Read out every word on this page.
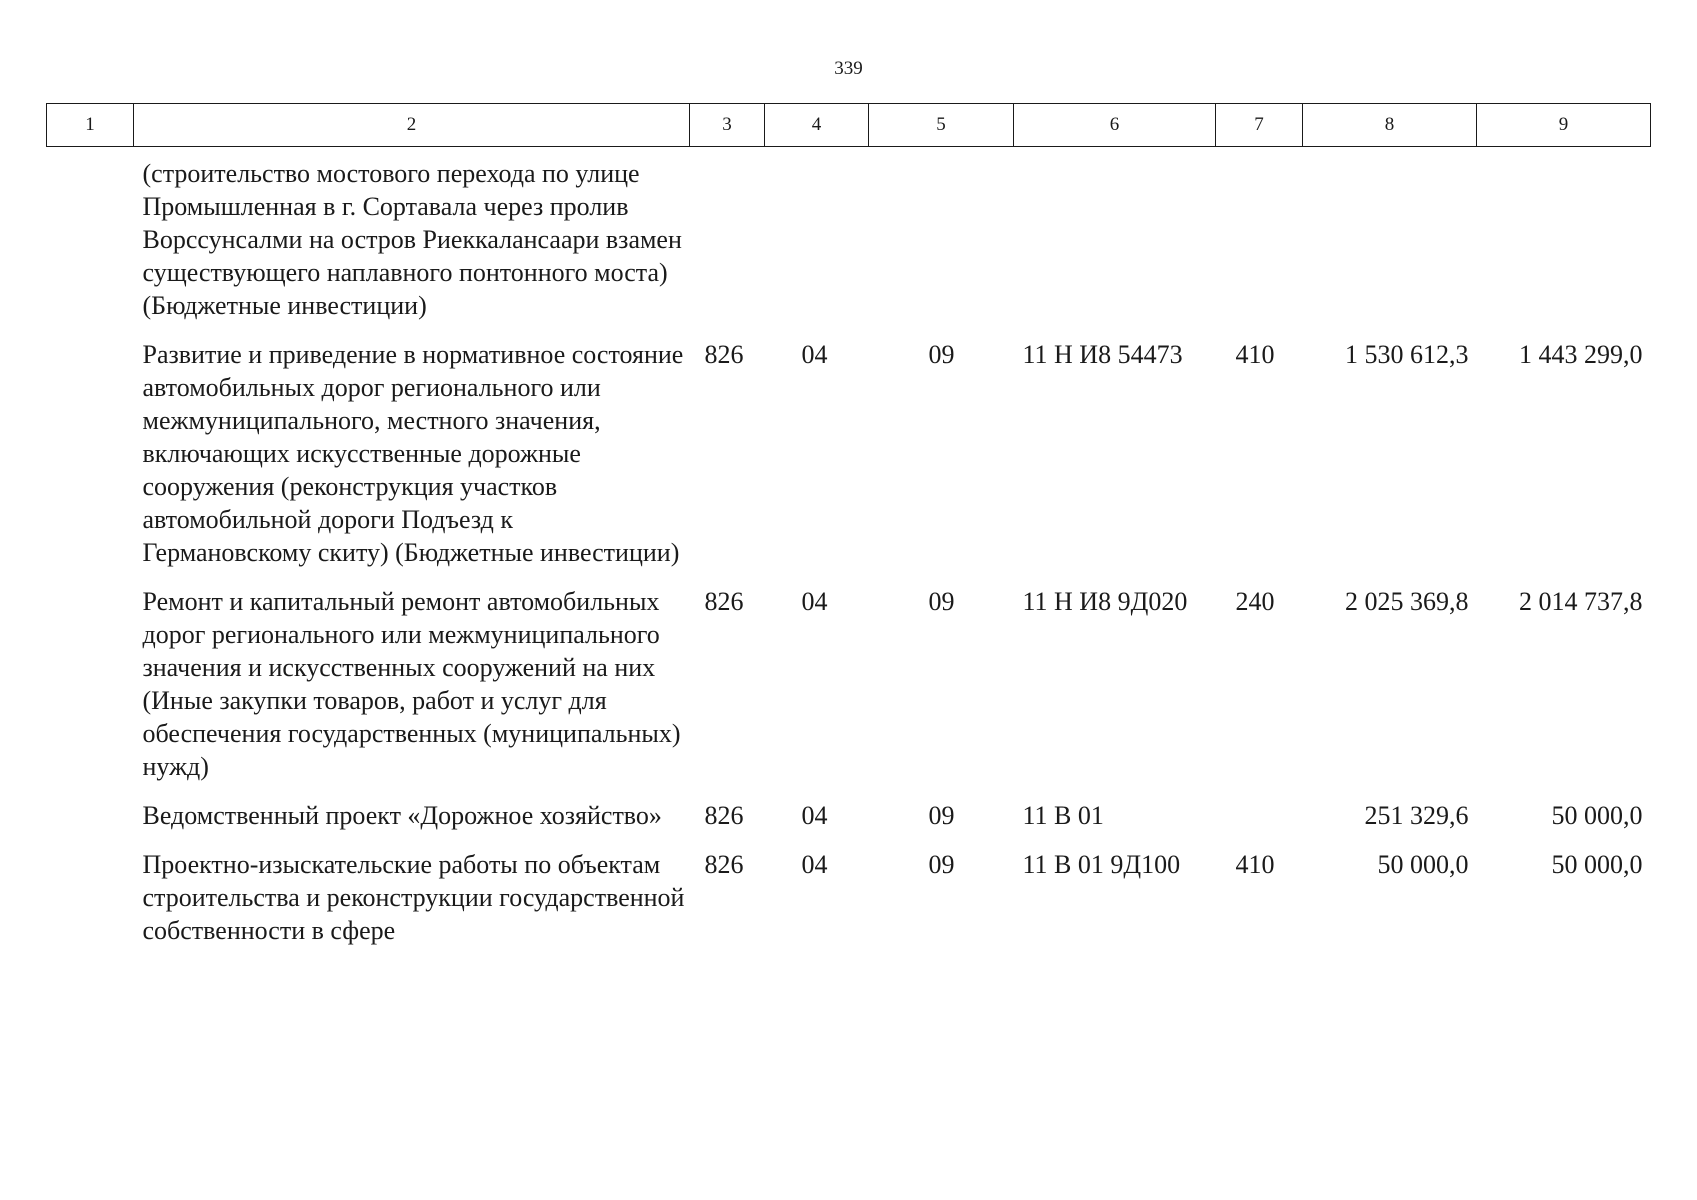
339
1	2	3	4	5	6	7	8	9
	(строительство мостового перехода по улице Промышленная в г. Сортавала через пролив Ворссунсалми на остров Риеккалансаари взамен существующего наплавного понтонного моста) (Бюджетные инвестиции)							
	Развитие и приведение в нормативное состояние автомобильных дорог регионального или межмуниципального, местного значения, включающих искусственные дорожные сооружения (реконструкция участков автомобильной дороги Подъезд к Германовскому скиту) (Бюджетные инвестиции)	826	04	09	11 Н И8 54473	410	1 530 612,3	1 443 299,0
	Ремонт и капитальный ремонт автомобильных дорог регионального или межмуниципального значения и искусственных сооружений на них (Иные закупки товаров, работ и услуг для обеспечения государственных (муниципальных) нужд)	826	04	09	11 Н И8 9Д020	240	2 025 369,8	2 014 737,8
	Ведомственный проект «Дорожное хозяйство»	826	04	09	11 В 01		251 329,6	50 000,0
	Проектно-изыскательские работы по объектам строительства и реконструкции государственной собственности в сфере	826	04	09	11 В 01 9Д100	410	50 000,0	50 000,0
